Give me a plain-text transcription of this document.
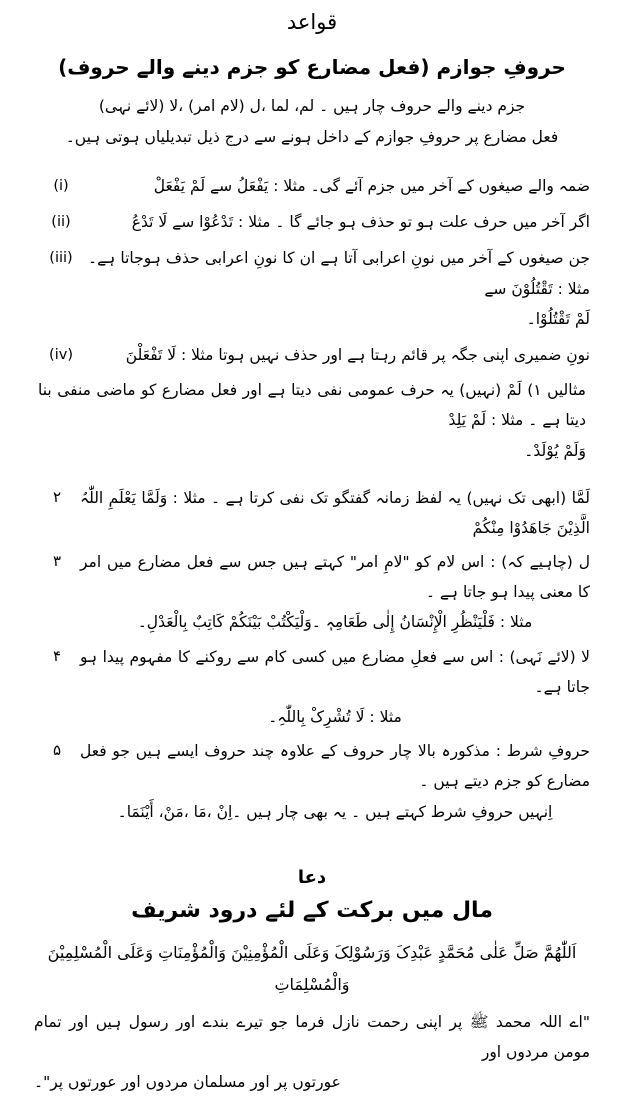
قواعد
حروفِ جوازم (فعل مضارع کو جزم دینے والے حروف)

جزم دینے والے حروف چار ہیں ۔ لم، لما ،ل (لام امر) ،لا (لائے نہی)

فعل مضارع پر حروفِ جوازم کے داخل ہونے سے درج ذیل تبدیلیاں ہوتی ہیں۔

(i)	ضمہ والے صیغوں کے آخر میں جزم آئے گی۔ مثلا : یَفْعَلُ سے لَمْ یَفْعَلْ
(ii)	اگر آخر میں حرف علت ہو تو حذف ہو جائے گا ۔ مثلا : تَدْعُوْا سے لَا تَدْعُ
(iii) جن صیغوں کے آخر میں نونِ اعرابی آتا ہے ان کا نونِ اعرابی حذف ہوجاتا ہے۔ مثلا : تَقْتُلُوْنَ سے
لَمْ تَقْتُلُوْا۔
(iv)	نونِ ضمیری اپنی جگہ پر قائم رہتا ہے اور حذف نہیں ہوتا مثلا : لَا تَفْعَلْنَ

مثالیں ۱) لَمْ (نہیں) یہ حرف عمومی نفی دیتا ہے اور فعل مضارع کو ماضی منفی بنا دیتا ہے ۔ مثلا : لَمْ یَلِدْ

وَلَمْ یُوْلَدْ۔

۲	لَمَّا (ابھی تک نہیں) یہ لفظ زمانہ گفتگو تک نفی کرتا ہے ۔ مثلا : وَلَمَّا یَعْلَمِ اللّٰہُ الَّذِیْنَ جَاھَدُوْا مِنْکُمْ
۳	ل (چاہیے کہ) : اس لام کو "لامِ امر" کہتے ہیں جس سے فعل مضارع میں امر کا معنی پیدا ہو جاتا ہے ۔
مثلا : فَلْیَنْظُرِ الْإِنْسَانُ إِلٰی طَعَامِہٖ ۔وَلْیَکْتُبْ بَیْنَکُمْ کَاتِبٌ بِالْعَدْلِ۔
۴	لا (لائے نَہی) : اس سے فعلِ مضارع میں کسی کام سے روکنے کا مفہوم پیدا ہو جاتا ہے۔
مثلا : لَا تُشْرِکْ بِاللّٰہِ۔
۵	حروفِ شرط : مذکورہ بالا چار حروف کے علاوہ چند حروف ایسے ہیں جو فعل مضارع کو جزم دیتے ہیں ۔
اِنہیں حروفِ شرط کہتے ہیں ۔ یہ بھی چار ہیں ۔اِنْ ،مَا ،مَنْ، أَیْنَمَا۔
دعا
مال میں برکت کے لئے درود شریف

اَللّٰھُمَّ صَلِّ عَلٰی مُحَمَّدٍ عَبْدِکَ وَرَسُوْلِکَ وَعَلَی الْمُؤْمِنِیْنَ وَالْمُؤْمِنَاتِ وَعَلَی الْمُسْلِمِیْنَ وَالْمُسْلِمَاتِ

"اے اللہ محمد ﷺ پر اپنی رحمت نازل فرما جو تیرے بندے اور رسول ہیں اور تمام مومن مردوں اور
عورتوں پر اور مسلمان مردوں اور عورتوں پر"۔
